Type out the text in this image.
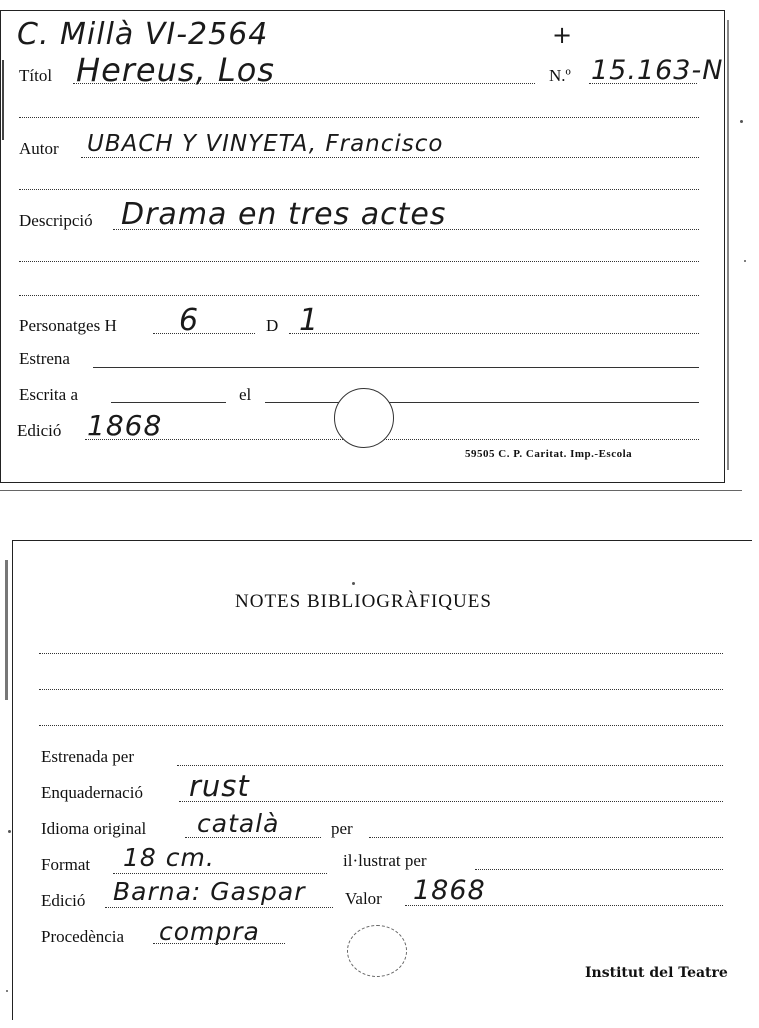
C. Millà VI-2564	+
Títol Hereus, Los	N.º 15.163-N
Autor UBACH Y VINYETA, Francisco
Descripció Drama en tres actes
Personatges H 6	D 1
Estrena
Escrita a	el
Edició 1868
59505 C. P. Caritat. Imp.-Escola
NOTES BIBLIOGRÀFIQUES
Estrenada per
Enquadernació rust
Idioma original català	per
Format 18 cm.	il·lustrat per
Edició Barna: Gaspar Valor 1868
Procedència compra
Institut del Teatre
